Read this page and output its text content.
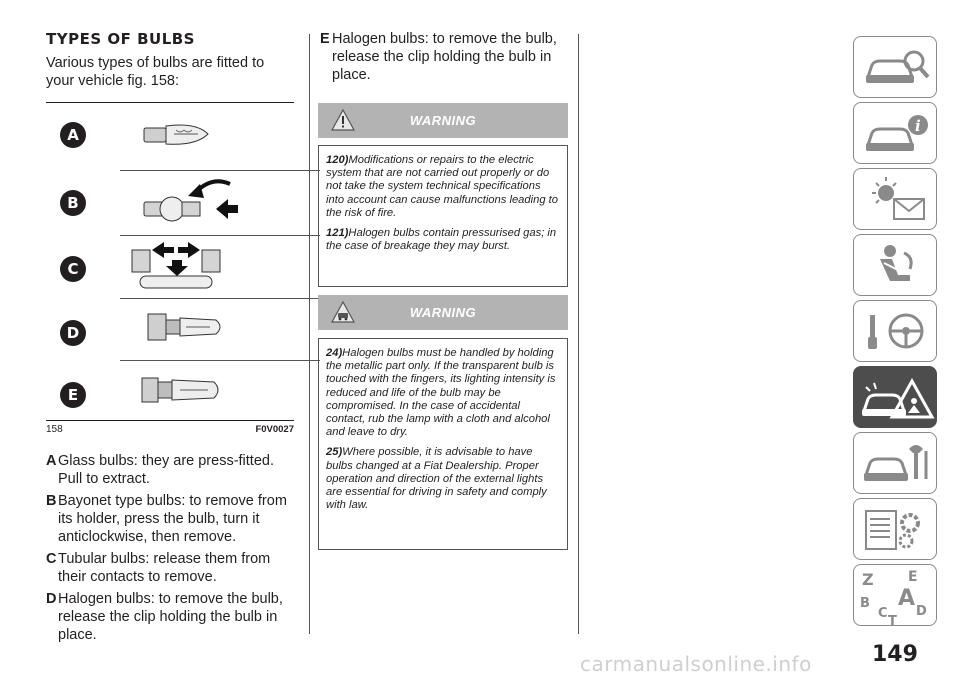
TYPES OF BULBS

Various types of bulbs are fitted to your vehicle fig. 158:

A
B
C
D
E
158	F0V0027
A Glass bulbs: they are press-fitted. Pull to extract.
B Bayonet type bulbs: to remove from its holder, press the bulb, turn it anticlockwise, then remove.
C Tubular bulbs: release them from their contacts to remove.
D Halogen bulbs: to remove the bulb, release the clip holding the bulb in place.
E Halogen bulbs: to remove the bulb, release the clip holding the bulb in place.
WARNING

120)Modifications or repairs to the electric system that are not carried out properly or do not take the system technical specifications into account can cause malfunctions leading to the risk of fire.

121)Halogen bulbs contain pressurised gas; in the case of breakage they may burst.

WARNING

24)Halogen bulbs must be handled by holding the metallic part only. If the transparent bulb is touched with the fingers, its lighting intensity is reduced and life of the bulb may be compromised. In the case of accidental contact, rub the lamp with a cloth and alcohol and leave to dry.

25)Where possible, it is advisable to have bulbs changed at a Fiat Dealership. Proper operation and direction of the external lights are essential for driving in safety and comply with law.

i
Z E
B A
C D
T
149
carmanualsonline.info
